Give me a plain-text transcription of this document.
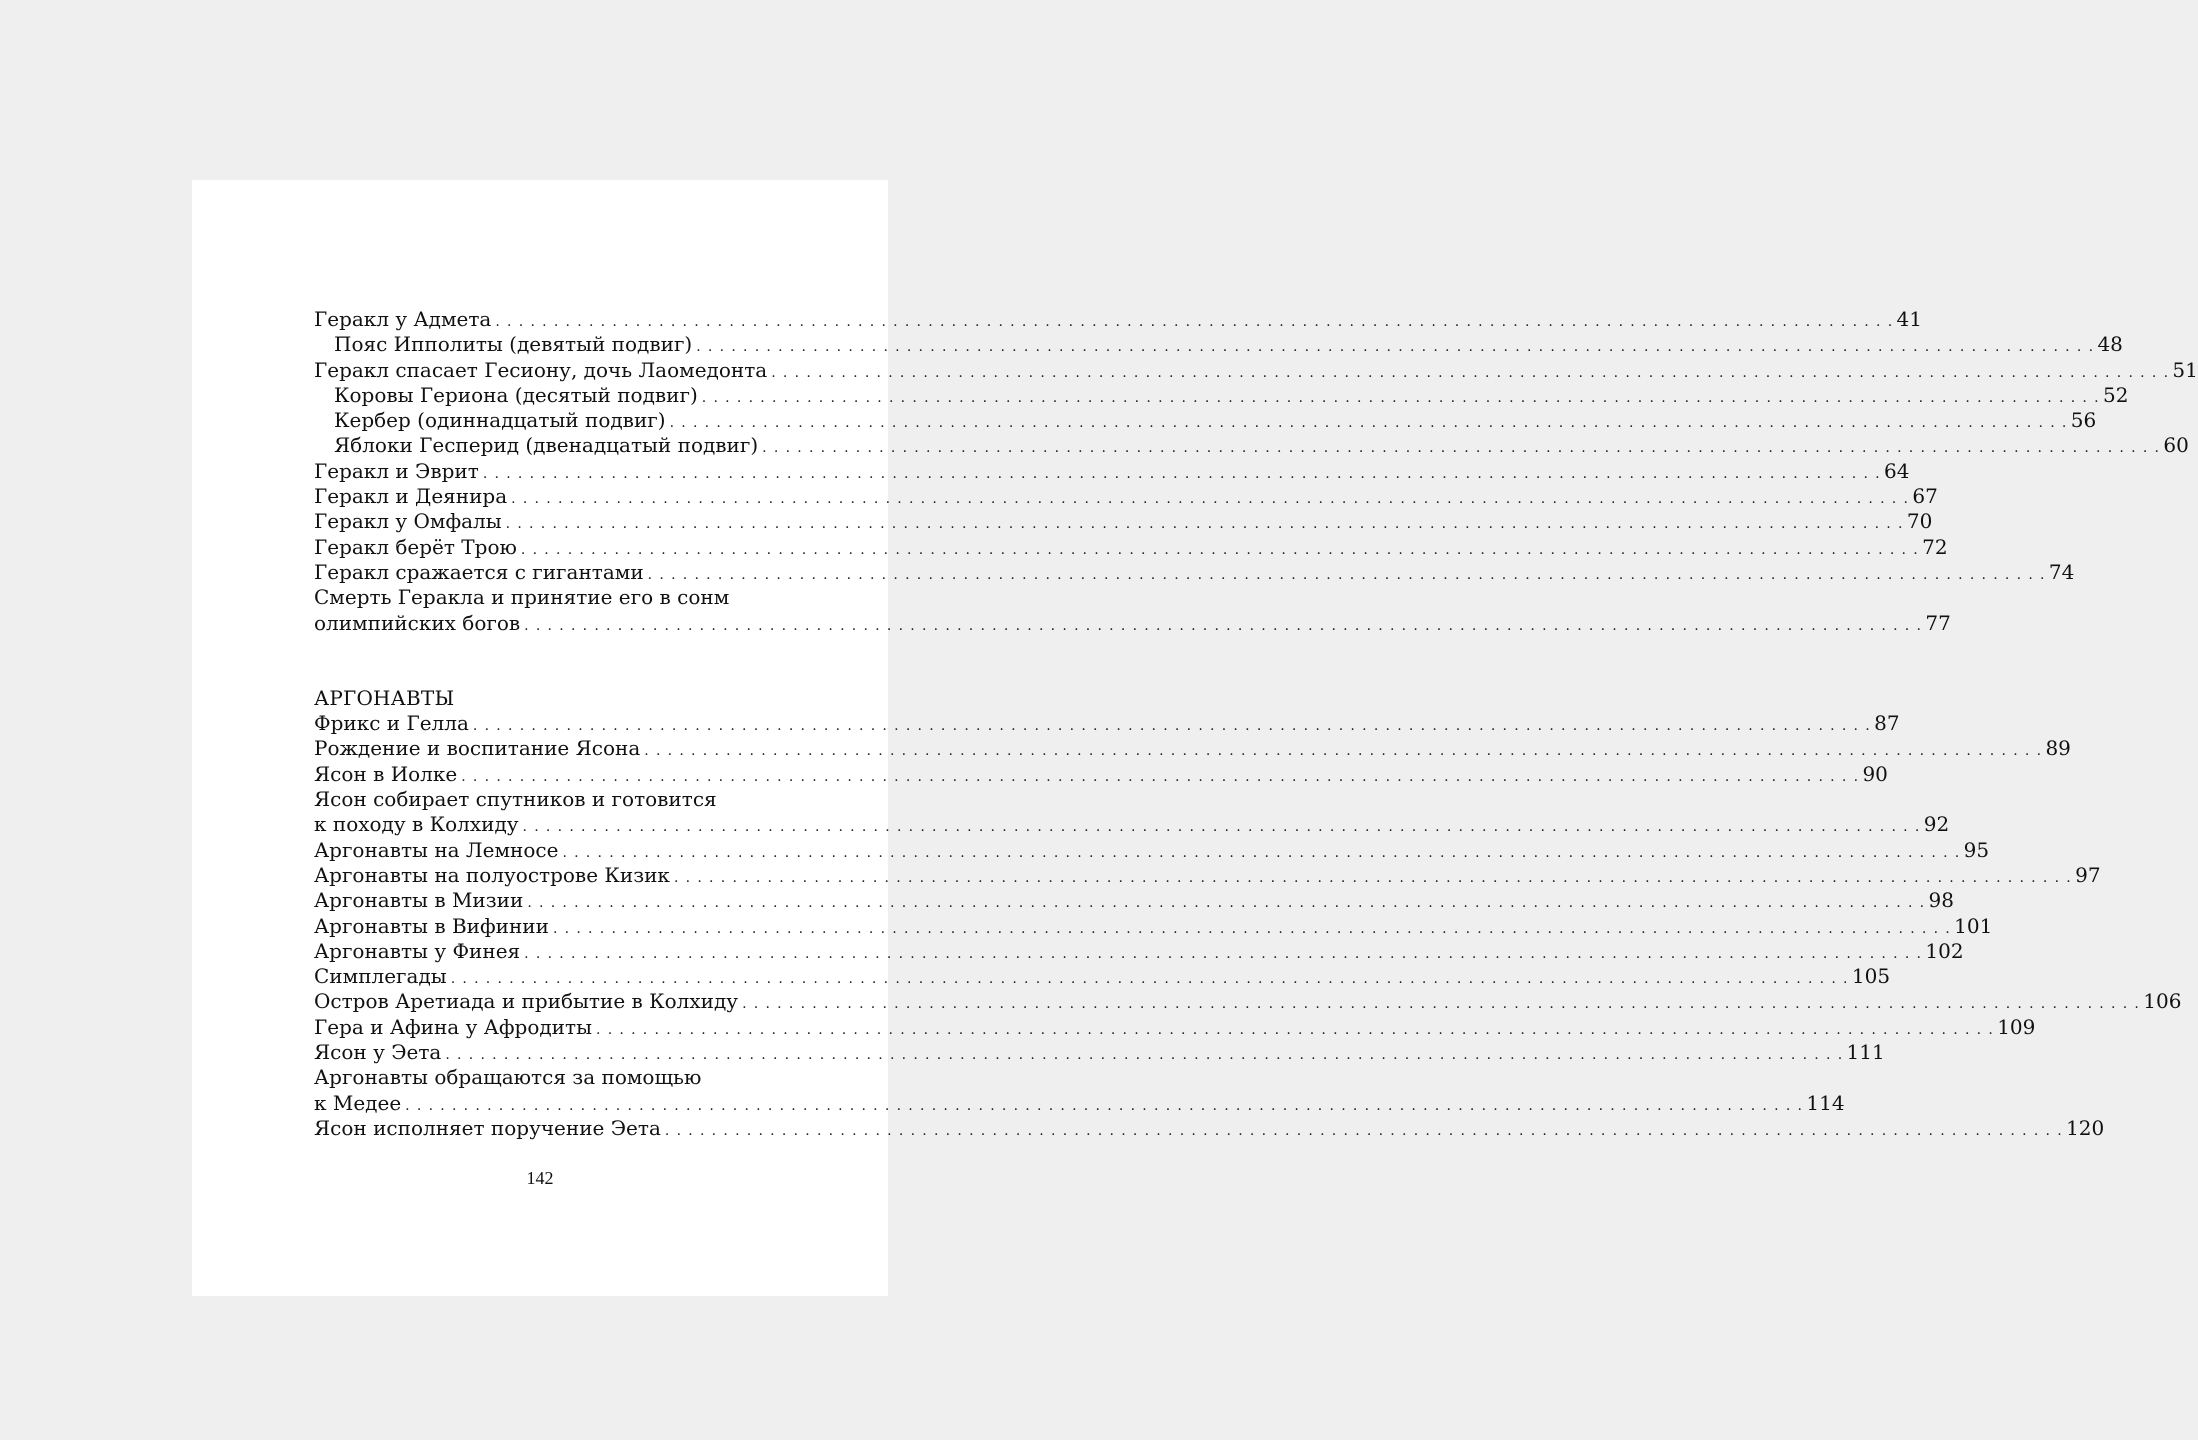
Геракл у Адмета . . . . . . . . . . . . . . . . . . . . . . . . . . . . . . . . . . . . . . . . . . . . . . . . . . . . . . . . . . . . . . . . . . . . . . . . . . . . . . . . . . . . . . . . . . . . . . . . . . . . . . . . . . . . . . . . . . . . . . . . 41
Пояс Ипполиты (девятый подвиг) . . . . . . . . . . . . . . . . . . . . . . . . . . . . . . . . . . . . . . . . . . . . . . . . . . . . . . . . . . . . . . . . . . . . . . . . . . . . . . . . . . . . . . . . . . . . . . . . . . . . . . . . . . . . . . . . . . . . . . . . 48
Геракл спасает Гесиону, дочь Лаомедонта . . . . . . . . . . . . . . . . . . . . . . . . . . . . . . . . . . . . . . . . . . . . . . . . . . . . . . . . . . . . . . . . . . . . . . . . . . . . . . . . . . . . . . . . . . . . . . . . . . . . . . . . . . . . . . . . . . . . . . . . 51
Коровы Гериона (десятый подвиг) . . . . . . . . . . . . . . . . . . . . . . . . . . . . . . . . . . . . . . . . . . . . . . . . . . . . . . . . . . . . . . . . . . . . . . . . . . . . . . . . . . . . . . . . . . . . . . . . . . . . . . . . . . . . . . . . . . . . . . . . 52
Кербер (одиннадцатый подвиг) . . . . . . . . . . . . . . . . . . . . . . . . . . . . . . . . . . . . . . . . . . . . . . . . . . . . . . . . . . . . . . . . . . . . . . . . . . . . . . . . . . . . . . . . . . . . . . . . . . . . . . . . . . . . . . . . . . . . . . . . 56
Яблоки Гесперид (двенадцатый подвиг) . . . . . . . . . . . . . . . . . . . . . . . . . . . . . . . . . . . . . . . . . . . . . . . . . . . . . . . . . . . . . . . . . . . . . . . . . . . . . . . . . . . . . . . . . . . . . . . . . . . . . . . . . . . . . . . . . . . . . . . . 60
Геракл и Эврит . . . . . . . . . . . . . . . . . . . . . . . . . . . . . . . . . . . . . . . . . . . . . . . . . . . . . . . . . . . . . . . . . . . . . . . . . . . . . . . . . . . . . . . . . . . . . . . . . . . . . . . . . . . . . . . . . . . . . . . . 64
Геракл и Деянира . . . . . . . . . . . . . . . . . . . . . . . . . . . . . . . . . . . . . . . . . . . . . . . . . . . . . . . . . . . . . . . . . . . . . . . . . . . . . . . . . . . . . . . . . . . . . . . . . . . . . . . . . . . . . . . . . . . . . . . . 67
Геракл у Омфалы . . . . . . . . . . . . . . . . . . . . . . . . . . . . . . . . . . . . . . . . . . . . . . . . . . . . . . . . . . . . . . . . . . . . . . . . . . . . . . . . . . . . . . . . . . . . . . . . . . . . . . . . . . . . . . . . . . . . . . . . 70
Геракл берёт Трою . . . . . . . . . . . . . . . . . . . . . . . . . . . . . . . . . . . . . . . . . . . . . . . . . . . . . . . . . . . . . . . . . . . . . . . . . . . . . . . . . . . . . . . . . . . . . . . . . . . . . . . . . . . . . . . . . . . . . . . . 72
Геракл сражается с гигантами . . . . . . . . . . . . . . . . . . . . . . . . . . . . . . . . . . . . . . . . . . . . . . . . . . . . . . . . . . . . . . . . . . . . . . . . . . . . . . . . . . . . . . . . . . . . . . . . . . . . . . . . . . . . . . . . . . . . . . . . 74
Смерть Геракла и принятие его в сонм
олимпийских богов . . . . . . . . . . . . . . . . . . . . . . . . . . . . . . . . . . . . . . . . . . . . . . . . . . . . . . . . . . . . . . . . . . . . . . . . . . . . . . . . . . . . . . . . . . . . . . . . . . . . . . . . . . . . . . . . . . . . . . . . 77
АРГОНАВТЫ
Фрикс и Гелла . . . . . . . . . . . . . . . . . . . . . . . . . . . . . . . . . . . . . . . . . . . . . . . . . . . . . . . . . . . . . . . . . . . . . . . . . . . . . . . . . . . . . . . . . . . . . . . . . . . . . . . . . . . . . . . . . . . . . . . . 87
Рождение и воспитание Ясона . . . . . . . . . . . . . . . . . . . . . . . . . . . . . . . . . . . . . . . . . . . . . . . . . . . . . . . . . . . . . . . . . . . . . . . . . . . . . . . . . . . . . . . . . . . . . . . . . . . . . . . . . . . . . . . . . . . . . . . . 89
Ясон в Иолке . . . . . . . . . . . . . . . . . . . . . . . . . . . . . . . . . . . . . . . . . . . . . . . . . . . . . . . . . . . . . . . . . . . . . . . . . . . . . . . . . . . . . . . . . . . . . . . . . . . . . . . . . . . . . . . . . . . . . . . . 90
Ясон собирает спутников и готовится
к походу в Колхиду . . . . . . . . . . . . . . . . . . . . . . . . . . . . . . . . . . . . . . . . . . . . . . . . . . . . . . . . . . . . . . . . . . . . . . . . . . . . . . . . . . . . . . . . . . . . . . . . . . . . . . . . . . . . . . . . . . . . . . . . 92
Аргонавты на Лемносе . . . . . . . . . . . . . . . . . . . . . . . . . . . . . . . . . . . . . . . . . . . . . . . . . . . . . . . . . . . . . . . . . . . . . . . . . . . . . . . . . . . . . . . . . . . . . . . . . . . . . . . . . . . . . . . . . . . . . . . . 95
Аргонавты на полуострове Кизик . . . . . . . . . . . . . . . . . . . . . . . . . . . . . . . . . . . . . . . . . . . . . . . . . . . . . . . . . . . . . . . . . . . . . . . . . . . . . . . . . . . . . . . . . . . . . . . . . . . . . . . . . . . . . . . . . . . . . . . . 97
Аргонавты в Мизии . . . . . . . . . . . . . . . . . . . . . . . . . . . . . . . . . . . . . . . . . . . . . . . . . . . . . . . . . . . . . . . . . . . . . . . . . . . . . . . . . . . . . . . . . . . . . . . . . . . . . . . . . . . . . . . . . . . . . . . . 98
Аргонавты в Вифинии . . . . . . . . . . . . . . . . . . . . . . . . . . . . . . . . . . . . . . . . . . . . . . . . . . . . . . . . . . . . . . . . . . . . . . . . . . . . . . . . . . . . . . . . . . . . . . . . . . . . . . . . . . . . . . . . . . . . . . . . 101
Аргонавты у Финея . . . . . . . . . . . . . . . . . . . . . . . . . . . . . . . . . . . . . . . . . . . . . . . . . . . . . . . . . . . . . . . . . . . . . . . . . . . . . . . . . . . . . . . . . . . . . . . . . . . . . . . . . . . . . . . . . . . . . . . . 102
Симплегады . . . . . . . . . . . . . . . . . . . . . . . . . . . . . . . . . . . . . . . . . . . . . . . . . . . . . . . . . . . . . . . . . . . . . . . . . . . . . . . . . . . . . . . . . . . . . . . . . . . . . . . . . . . . . . . . . . . . . . . . 105
Остров Аретиада и прибытие в Колхиду . . . . . . . . . . . . . . . . . . . . . . . . . . . . . . . . . . . . . . . . . . . . . . . . . . . . . . . . . . . . . . . . . . . . . . . . . . . . . . . . . . . . . . . . . . . . . . . . . . . . . . . . . . . . . . . . . . . . . . . . 106
Гера и Афина у Афродиты . . . . . . . . . . . . . . . . . . . . . . . . . . . . . . . . . . . . . . . . . . . . . . . . . . . . . . . . . . . . . . . . . . . . . . . . . . . . . . . . . . . . . . . . . . . . . . . . . . . . . . . . . . . . . . . . . . . . . . . . 109
Ясон у Эета . . . . . . . . . . . . . . . . . . . . . . . . . . . . . . . . . . . . . . . . . . . . . . . . . . . . . . . . . . . . . . . . . . . . . . . . . . . . . . . . . . . . . . . . . . . . . . . . . . . . . . . . . . . . . . . . . . . . . . . . 111
Аргонавты обращаются за помощью
к Медее . . . . . . . . . . . . . . . . . . . . . . . . . . . . . . . . . . . . . . . . . . . . . . . . . . . . . . . . . . . . . . . . . . . . . . . . . . . . . . . . . . . . . . . . . . . . . . . . . . . . . . . . . . . . . . . . . . . . . . . . 114
Ясон исполняет поручение Эета . . . . . . . . . . . . . . . . . . . . . . . . . . . . . . . . . . . . . . . . . . . . . . . . . . . . . . . . . . . . . . . . . . . . . . . . . . . . . . . . . . . . . . . . . . . . . . . . . . . . . . . . . . . . . . . . . . . . . . . . 120
142
